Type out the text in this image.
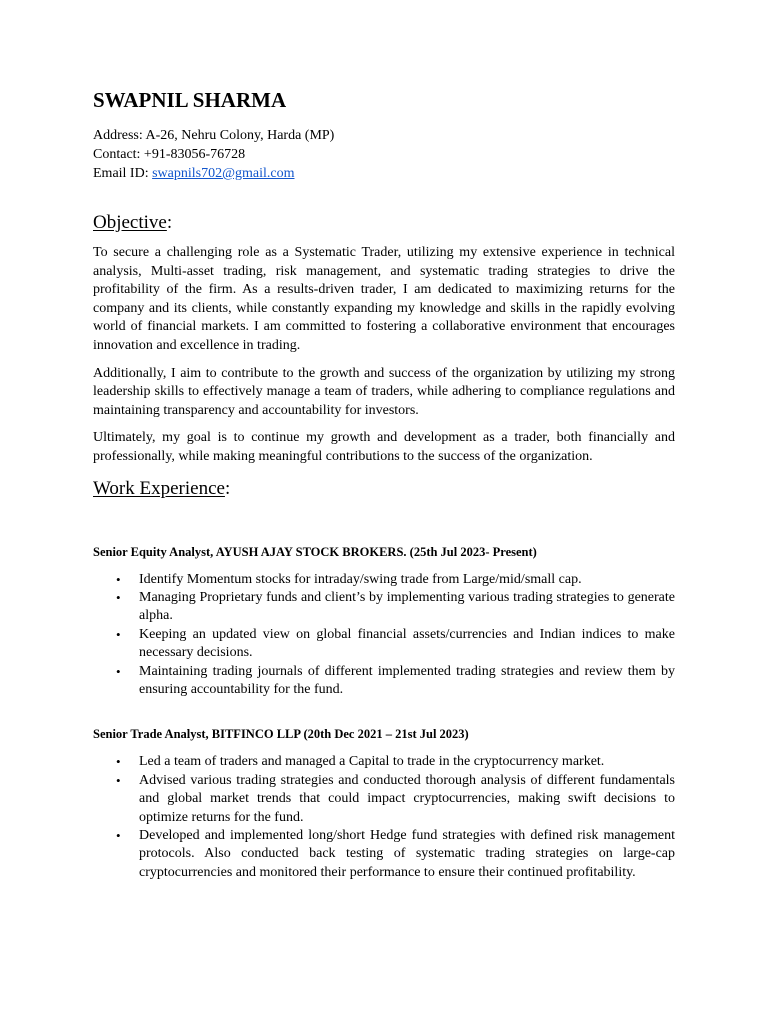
SWAPNIL SHARMA

Address: A-26, Nehru Colony, Harda (MP)

Contact: +91-83056-76728

Email ID: swapnils702@gmail.com

Objective:

To secure a challenging role as a Systematic Trader, utilizing my extensive experience in technical analysis, Multi-asset trading, risk management, and systematic trading strategies to drive the profitability of the firm. As a results-driven trader, I am dedicated to maximizing returns for the company and its clients, while constantly expanding my knowledge and skills in the rapidly evolving world of financial markets. I am committed to fostering a collaborative environment that encourages innovation and excellence in trading.

Additionally, I aim to contribute to the growth and success of the organization by utilizing my strong leadership skills to effectively manage a team of traders, while adhering to compliance regulations and maintaining transparency and accountability for investors.

Ultimately, my goal is to continue my growth and development as a trader, both financially and professionally, while making meaningful contributions to the success of the organization.

Work Experience:
Senior Equity Analyst, AYUSH AJAY STOCK BROKERS. (25th Jul 2023- Present)
• Identify Momentum stocks for intraday/swing trade from Large/mid/small cap.
• Managing Proprietary funds and client’s by implementing various trading strategies to generate alpha.
• Keeping an updated view on global financial assets/currencies and Indian indices to make necessary decisions.
• Maintaining trading journals of different implemented trading strategies and review them by ensuring accountability for the fund.
Senior Trade Analyst, BITFINCO LLP (20th Dec 2021 – 21st Jul 2023)
• Led a team of traders and managed a Capital to trade in the cryptocurrency market.
• Advised various trading strategies and conducted thorough analysis of different fundamentals and global market trends that could impact cryptocurrencies, making swift decisions to optimize returns for the fund.
• Developed and implemented long/short Hedge fund strategies with defined risk management protocols. Also conducted back testing of systematic trading strategies on large-cap cryptocurrencies and monitored their performance to ensure their continued profitability.
